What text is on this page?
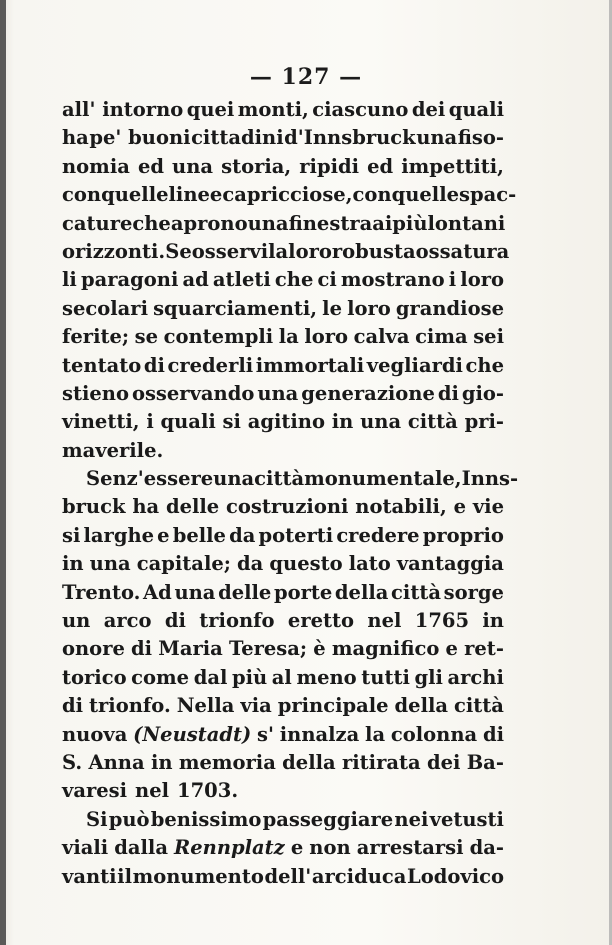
— 127 —
all' intorno quei monti, ciascuno dei quali
ha pe' buoni cittadini d'Innsbruck una fiso-
nomia ed una storia, ripidi ed impettiti,
con quelle linee capricciose, con quelle spac-
cature che aprono una finestra ai più lontani
orizzonti. Se osservi la loro robusta ossatura
li paragoni ad atleti che ci mostrano i loro
secolari squarciamenti, le loro grandiose
ferite; se contempli la loro calva cima sei
tentato di crederli immortali vegliardi che
stieno osservando una generazione di gio-
vinetti, i quali si agitino in una città pri-
maverile.
Senz'essere una città monumentale, Inns-
bruck ha delle costruzioni notabili, e vie
si larghe e belle da poterti credere proprio
in una capitale; da questo lato vantaggia
Trento. Ad una delle porte della città sorge
un arco di trionfo eretto nel 1765 in
onore di Maria Teresa; è magnifico e ret-
torico come dal più al meno tutti gli archi
di trionfo. Nella via principale della città
nuova (Neustadt) s' innalza la colonna di
S. Anna in memoria della ritirata dei Ba-
varesi nel 1703.
Si può benissimo passeggiare nei vetusti
viali dalla Rennplatz e non arrestarsi da-
vanti il monumento dell' arciduca Lodovico
